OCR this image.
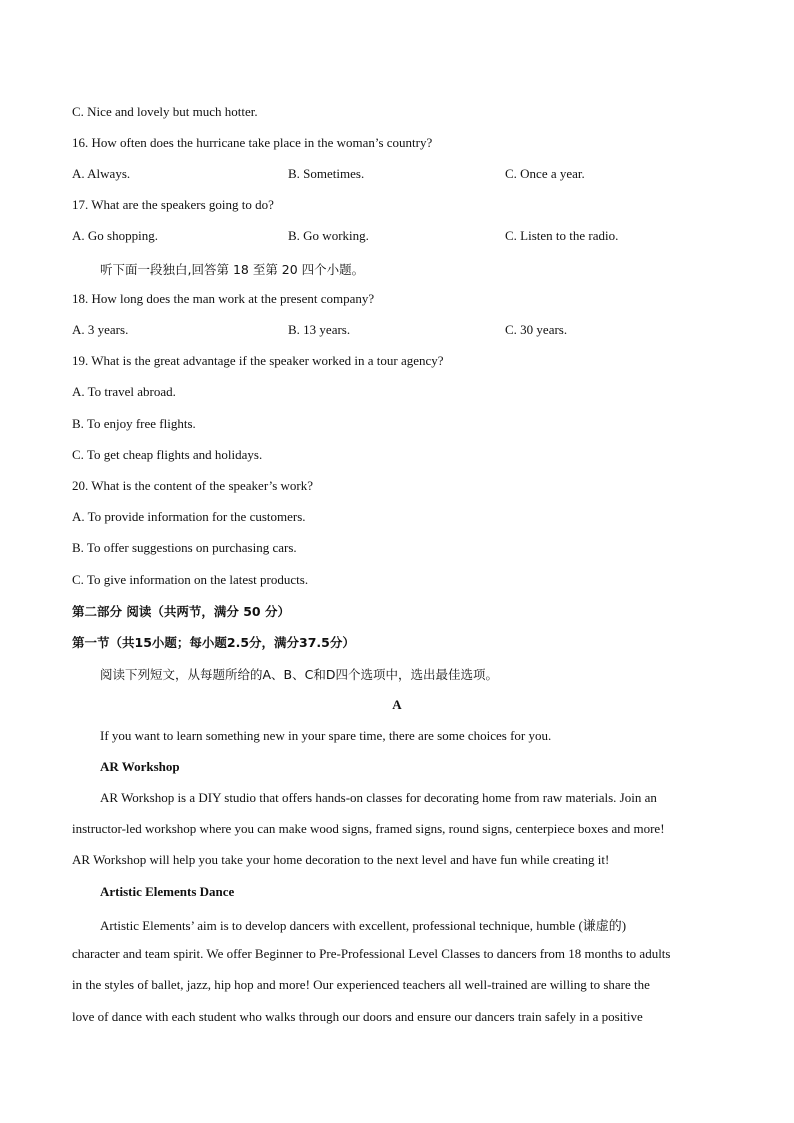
C. Nice and lovely but much hotter.
16. How often does the hurricane take place in the woman’s country?
A. Always.	B. Sometimes.	C. Once a year.
17. What are the speakers going to do?
A. Go shopping.	B. Go working.	C. Listen to the radio.
听下面一段独白,回答第 18 至第 20 四个小题。
18. How long does the man work at the present company?
A. 3 years.	B. 13 years.	C. 30 years.
19. What is the great advantage if the speaker worked in a tour agency?
A. To travel abroad.
B. To enjoy free flights.
C. To get cheap flights and holidays.
20. What is the content of the speaker’s work?
A. To provide information for the customers.
B. To offer suggestions on purchasing cars.
C. To give information on the latest products.
第二部分 阅读（共两节，满分 50 分）
第一节（共15小题；每小题2.5分，满分37.5分）
阅读下列短文，从每题所给的A、B、C和D四个选项中，选出最佳选项。
A
If you want to learn something new in your spare time, there are some choices for you.
AR Workshop
AR Workshop is a DIY studio that offers hands-on classes for decorating home from raw materials. Join an
instructor-led workshop where you can make wood signs, framed signs, round signs, centerpiece boxes and more!
AR Workshop will help you take your home decoration to the next level and have fun while creating it!
Artistic Elements Dance
Artistic Elements’ aim is to develop dancers with excellent, professional technique, humble (谦虚的)
character and team spirit. We offer Beginner to Pre-Professional Level Classes to dancers from 18 months to adults
in the styles of ballet, jazz, hip hop and more! Our experienced teachers all well-trained are willing to share the
love of dance with each student who walks through our doors and ensure our dancers train safely in a positive
